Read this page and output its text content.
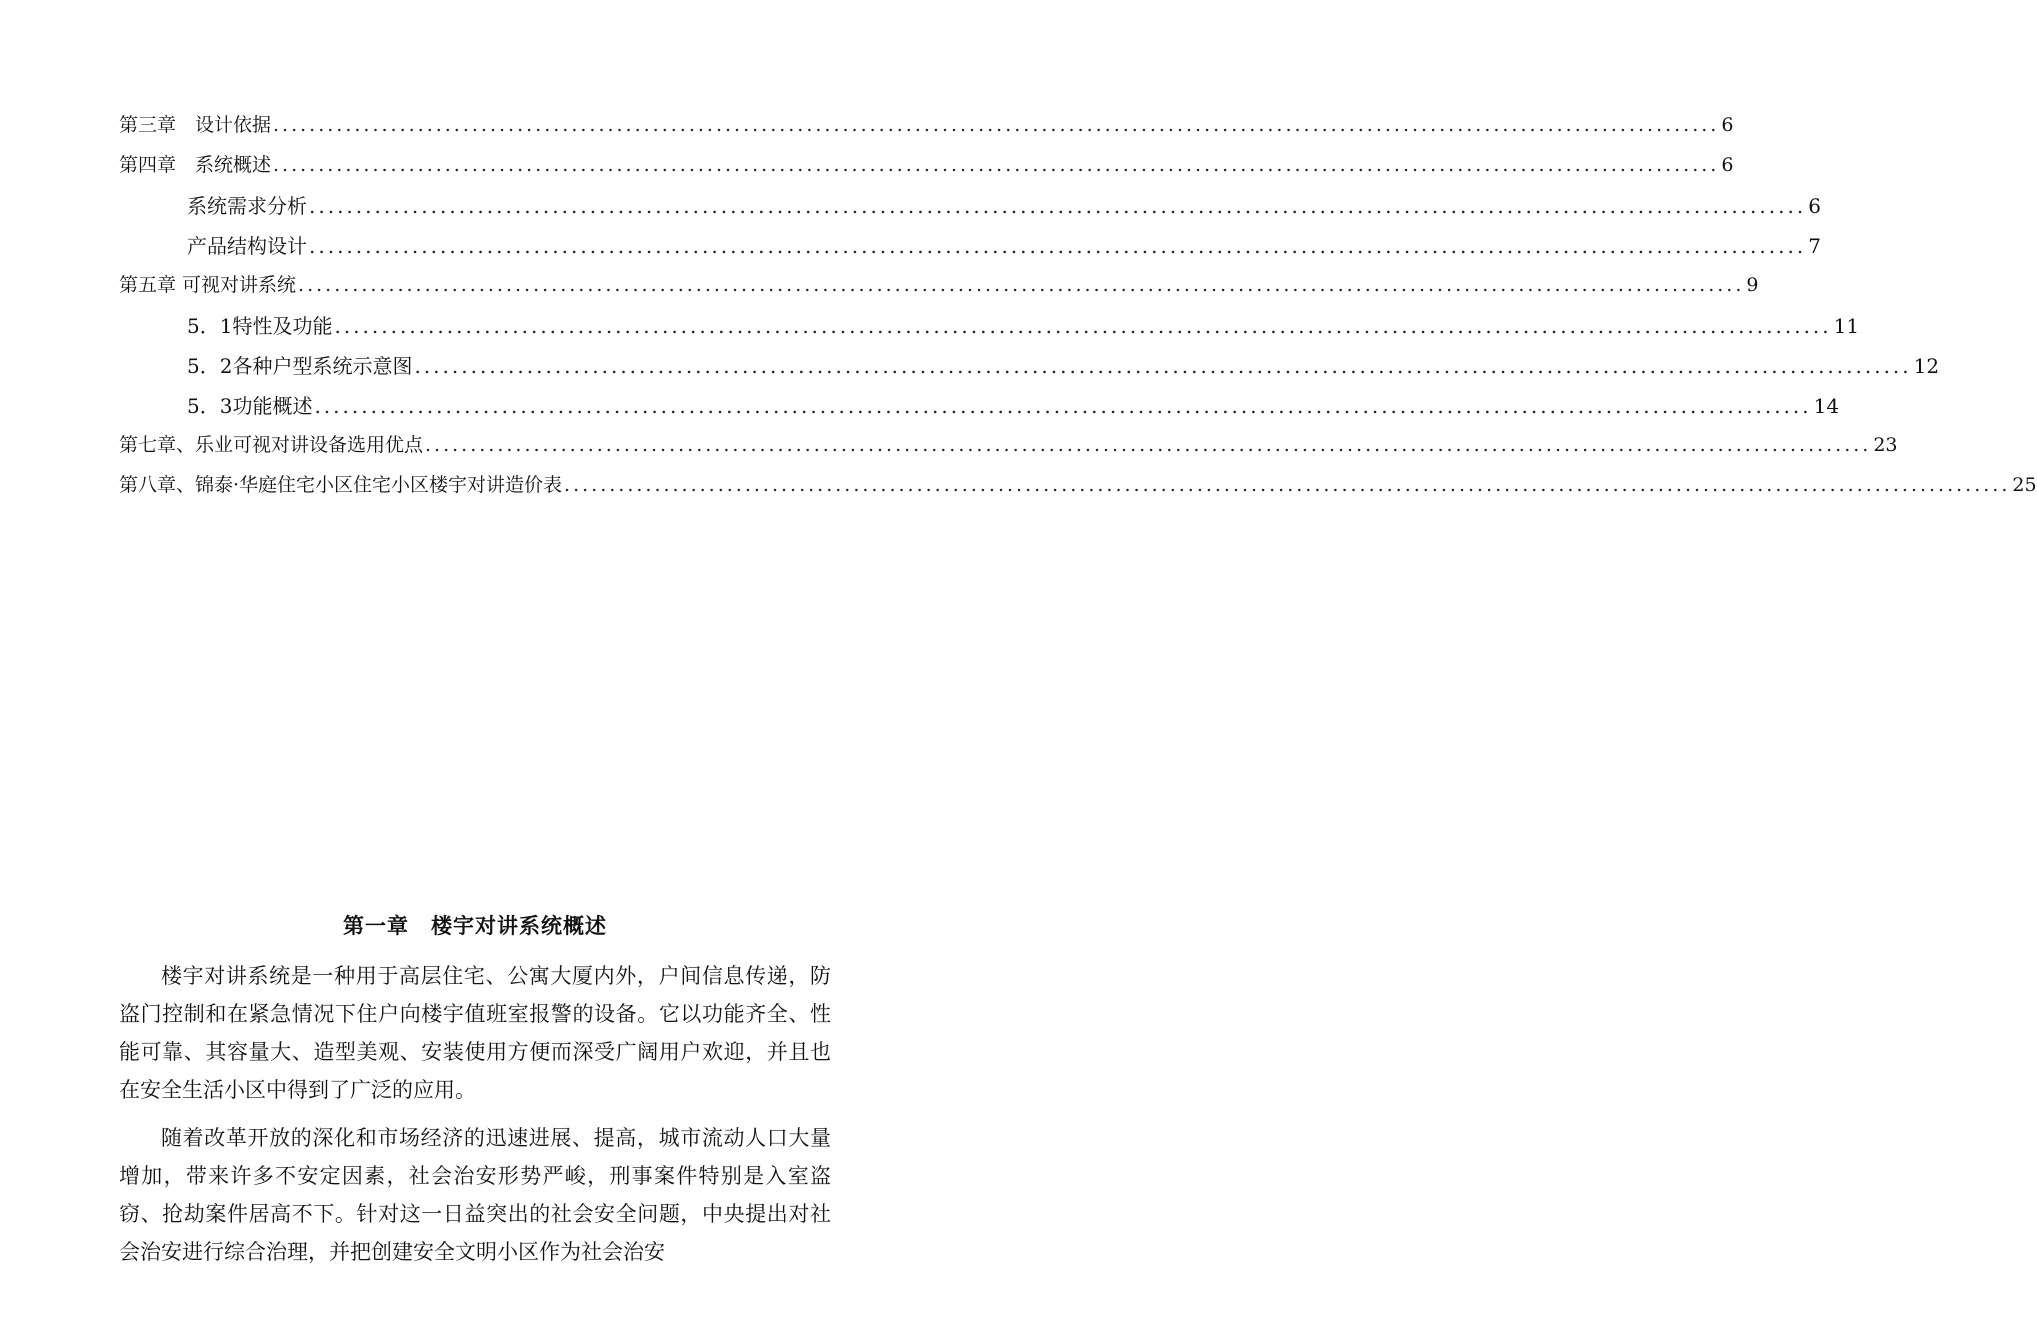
第三章　设计依据 ................................................................................................................................................................ 6
第四章　系统概述 ................................................................................................................................................................ 6
系统需求分析 ................................................................................................................................................................ 6
产品结构设计 ................................................................................................................................................................ 7
第五章 可视对讲系统 ................................................................................................................................................................ 9
5．1特性及功能 ................................................................................................................................................................ 11
5．2各种户型系统示意图 ................................................................................................................................................................ 12
5．3功能概述 ................................................................................................................................................................ 14
第七章、乐业可视对讲设备选用优点 ................................................................................................................................................................ 23
第八章、锦泰·华庭住宅小区住宅小区楼宇对讲造价表 ................................................................................................................................................................ 25
第一章　楼宇对讲系统概述

楼宇对讲系统是一种用于高层住宅、公寓大厦内外，户间信息传递，防盗门控制和在紧急情况下住户向楼宇值班室报警的设备。它以功能齐全、性能可靠、其容量大、造型美观、安装使用方便而深受广阔用户欢迎，并且也在安全生活小区中得到了广泛的应用。

随着改革开放的深化和市场经济的迅速进展、提高，城市流动人口大量增加，带来许多不安定因素，社会治安形势严峻，刑事案件特别是入室盗窃、抢劫案件居高不下。针对这一日益突出的社会安全问题，中央提出对社会治安进行综合治理，并把创建安全文明小区作为社会治安
